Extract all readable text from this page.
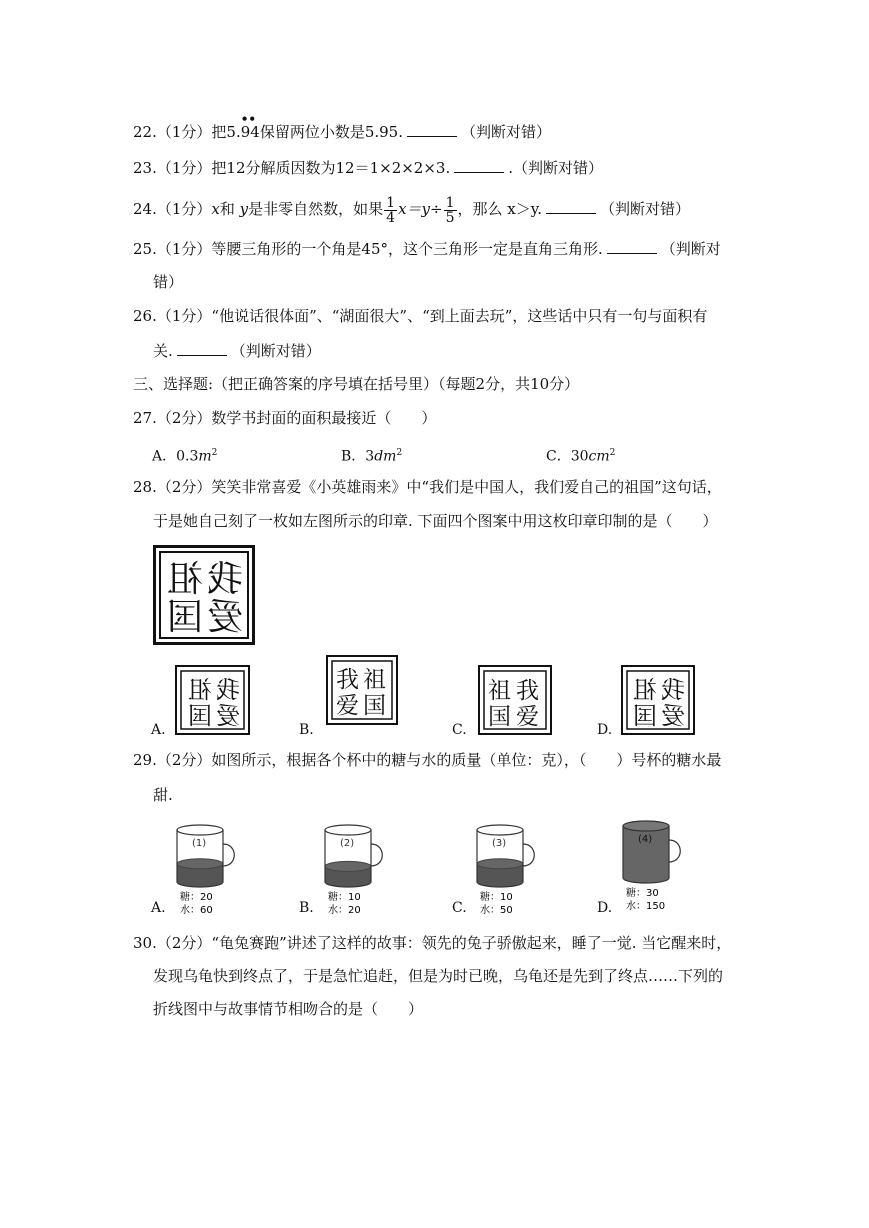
22.（1分）把5.
••
94保留两位小数是5.95.	（判断对错）
23.（1分）把12分解质因数为12＝1×2×2×3.	.（判断对错）
24.（1分）x和 y是非零自然数，如果 $\frac{1}{4} x=y\div \frac{1}{5}$ ，那么 x＞y.	（判断对错）
25.（1分）等腰三角形的一个角是45°，这个三角形一定是直角三角形.	（判断对
错）
26.（1分）“他说话很体面”、“湖面很大”、“到上面去玩”，这些话中只有一句与面积有
关.	（判断对错）
三、选择题:（把正确答案的序号填在括号里）（每题2分，共10分）
27.（2分）数学书封面的面积最接近（　　）
A．$0.3m^2$	B．$3dm^2$	C．$30cm^2$
28.（2分）笑笑非常喜爱《小英雄雨来》中“我们是中国人，我们爱自己的祖国”这句话，
于是她自己刻了一枚如左图所示的印章. 下面四个图案中用这枚印章印制的是（　　）
我
祖
爱
国
A.
我
祖
爱
国	B.
我 祖
爱 国
C.
祖 我
国 爱	D.
我
祖
爱
国
29.（2分）如图所示，根据各个杯中的糖与水的质量（单位：克），（　　）号杯的糖水最
甜.
A.
(1)
糖：20
水：60	B.
(2)
糖：10
水：20	C.
(3)
糖：10
水：50	D.
(4)
糖：30
水：150
30.（2分）“龟兔赛跑”讲述了这样的故事：领先的兔子骄傲起来，睡了一觉. 当它醒来时，
发现乌龟快到终点了，于是急忙追赶，但是为时已晚，乌龟还是先到了终点……下列的
折线图中与故事情节相吻合的是（　　）
